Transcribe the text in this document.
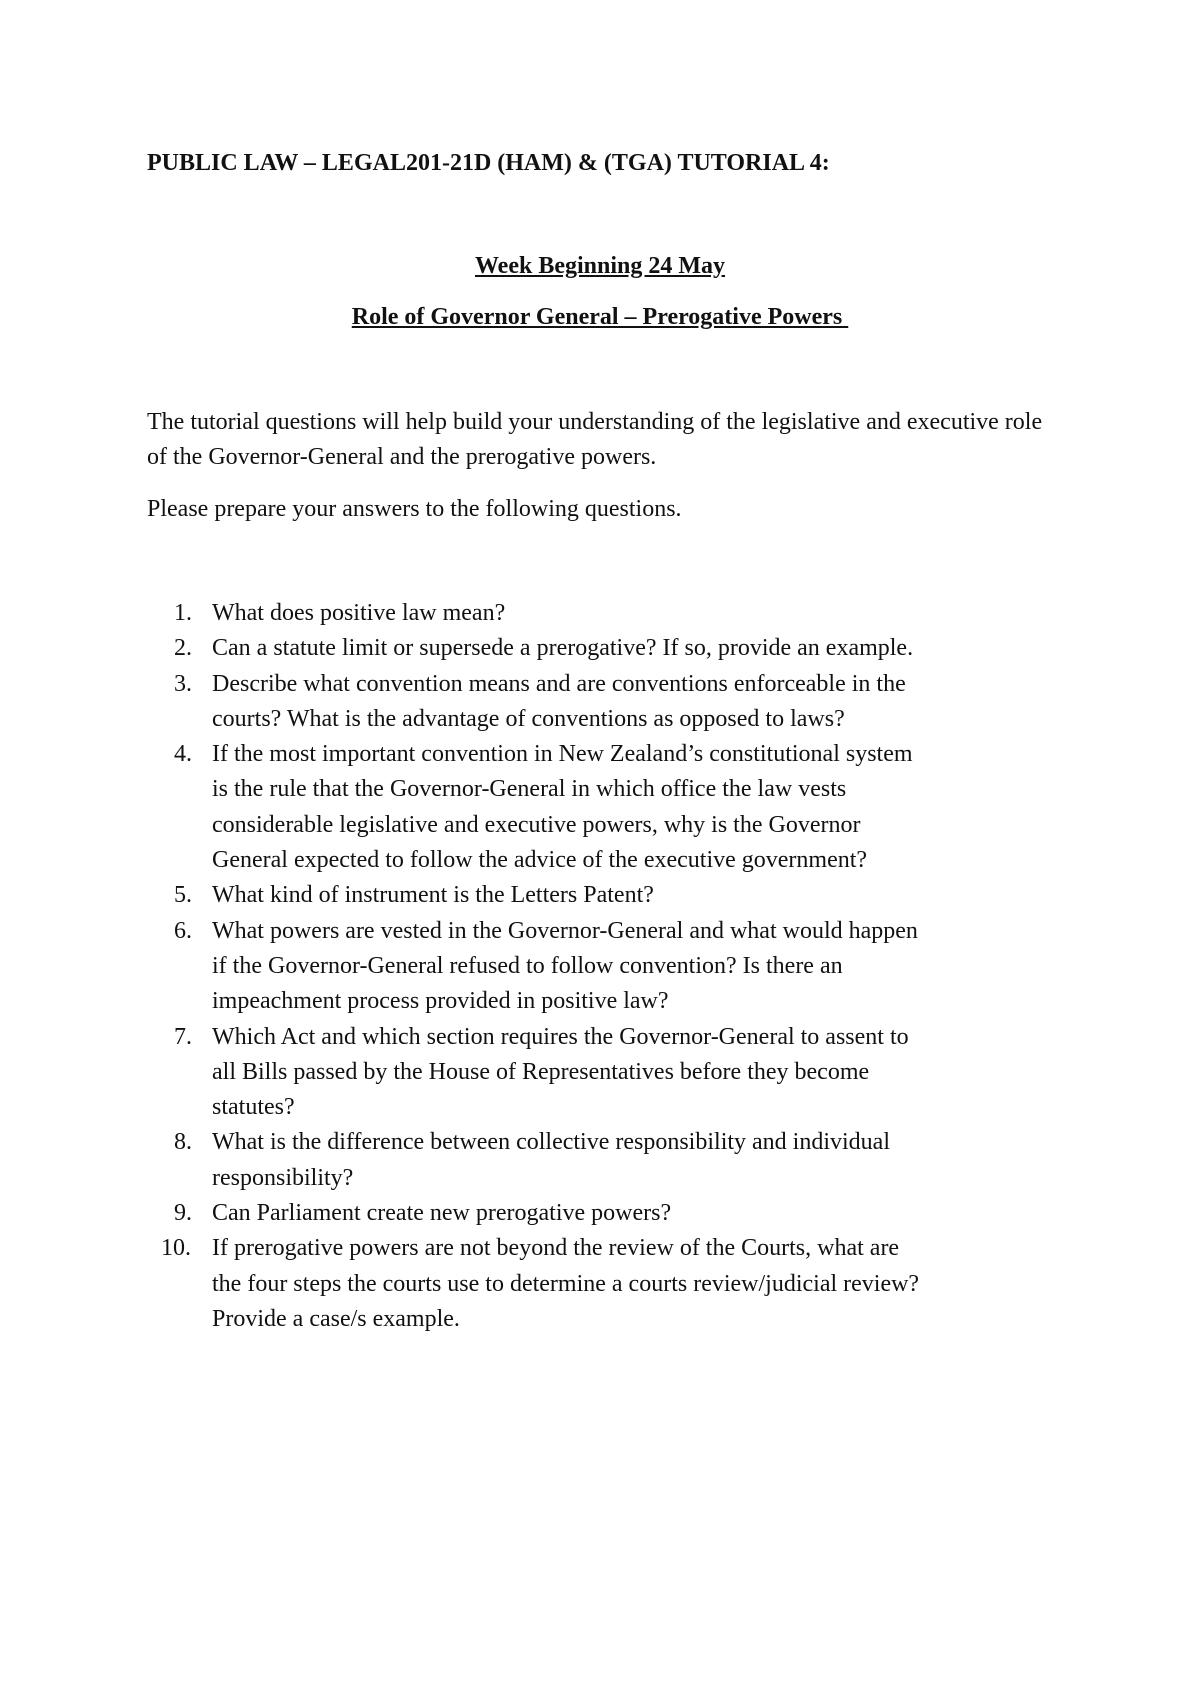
PUBLIC LAW – LEGAL201-21D (HAM) & (TGA) TUTORIAL 4:
Week Beginning 24 May
Role of Governor General – Prerogative Powers

The tutorial questions will help build your understanding of the legislative and executive role of the Governor-General and the prerogative powers.

Please prepare your answers to the following questions.

1. What does positive law mean?
2. Can a statute limit or supersede a prerogative? If so, provide an example.
3. Describe what convention means and are conventions enforceable in the
courts? What is the advantage of conventions as opposed to laws?
4. If the most important convention in New Zealand’s constitutional system
is the rule that the Governor-General in which office the law vests
considerable legislative and executive powers, why is the Governor
General expected to follow the advice of the executive government?
5. What kind of instrument is the Letters Patent?
6. What powers are vested in the Governor-General and what would happen
if the Governor-General refused to follow convention? Is there an
impeachment process provided in positive law?
7. Which Act and which section requires the Governor-General to assent to
all Bills passed by the House of Representatives before they become
statutes?
8. What is the difference between collective responsibility and individual
responsibility?
9. Can Parliament create new prerogative powers?
10. If prerogative powers are not beyond the review of the Courts, what are
the four steps the courts use to determine a courts review/judicial review?
Provide a case/s example.
